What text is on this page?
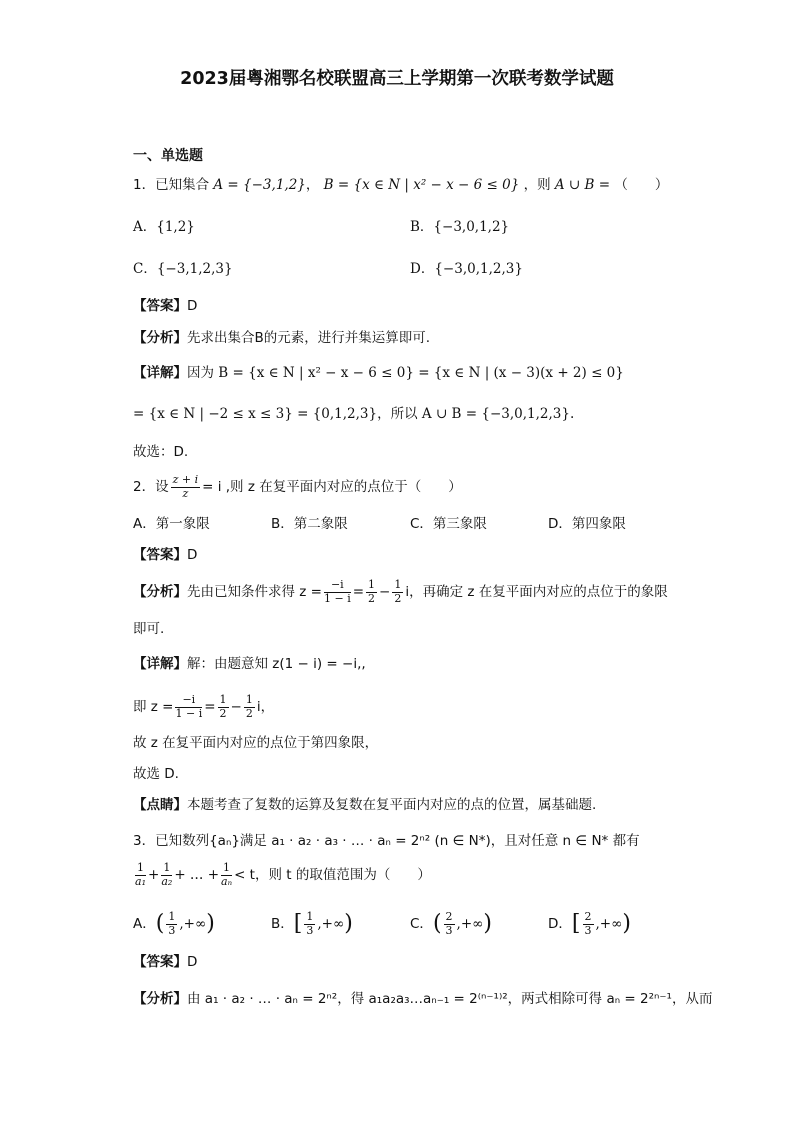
2023届粤湘鄂名校联盟高三上学期第一次联考数学试题
一、单选题
1．已知集合 A = {−3,1,2}， B = {x ∈ N | x² − x − 6 ≤ 0} ，则 A ∪ B = （　　）
A．{1,2}	B．{−3,0,1,2}
C．{−3,1,2,3}	D．{−3,0,1,2,3}
【答案】D
【分析】先求出集合B的元素，进行并集运算即可.
【详解】因为 B = {x ∈ N | x² − x − 6 ≤ 0} = {x ∈ N | (x − 3)(x + 2) ≤ 0}
= {x ∈ N | −2 ≤ x ≤ 3} = {0,1,2,3}，所以 A ∪ B = {−3,0,1,2,3}.
故选：D.
2．设 $\frac{z + i}{z} = i$ ,则 z 在复平面内对应的点位于（　　）
A．第一象限	B．第二象限	C．第三象限	D．第四象限
【答案】D
【分析】先由已知条件求得 $z = \frac{-i}{1 - i} = \frac{1}{2} - \frac{1}{2}$ i，再确定 z 在复平面内对应的点位于的象限
即可.
【详解】解：由题意知 z(1 − i) = −i,,
即 $z = \frac{-i}{1 - i} = \frac{1}{2} - \frac{1}{2}$ i，
故 z 在复平面内对应的点位于第四象限，
故选 D.
【点睛】本题考查了复数的运算及复数在复平面内对应的点的位置，属基础题.
3．已知数列{aₙ}满足 a₁ · a₂ · a₃ · … · aₙ = 2ⁿ² (n ∈ N*)，且对任意 n ∈ N* 都有
$\frac{1}{\text{a₁}} + \frac{1}{\text{a₂}}$ + … + $\frac{1}{\text{aₙ}} < t$，则 t 的取值范围为（　　）
A．( $\frac{1}{3}$ ,+∞)	B．[ $\frac{1}{3}$ ,+∞)	C．( $\frac{2}{3}$ ,+∞)	D．[ $\frac{2}{3}$ ,+∞)
【答案】D
【分析】由 a₁ · a₂ · … · aₙ = 2ⁿ²，得 a₁a₂a₃…aₙ₋₁ = 2⁽ⁿ⁻¹⁾²，两式相除可得 aₙ = 2²ⁿ⁻¹，从而
